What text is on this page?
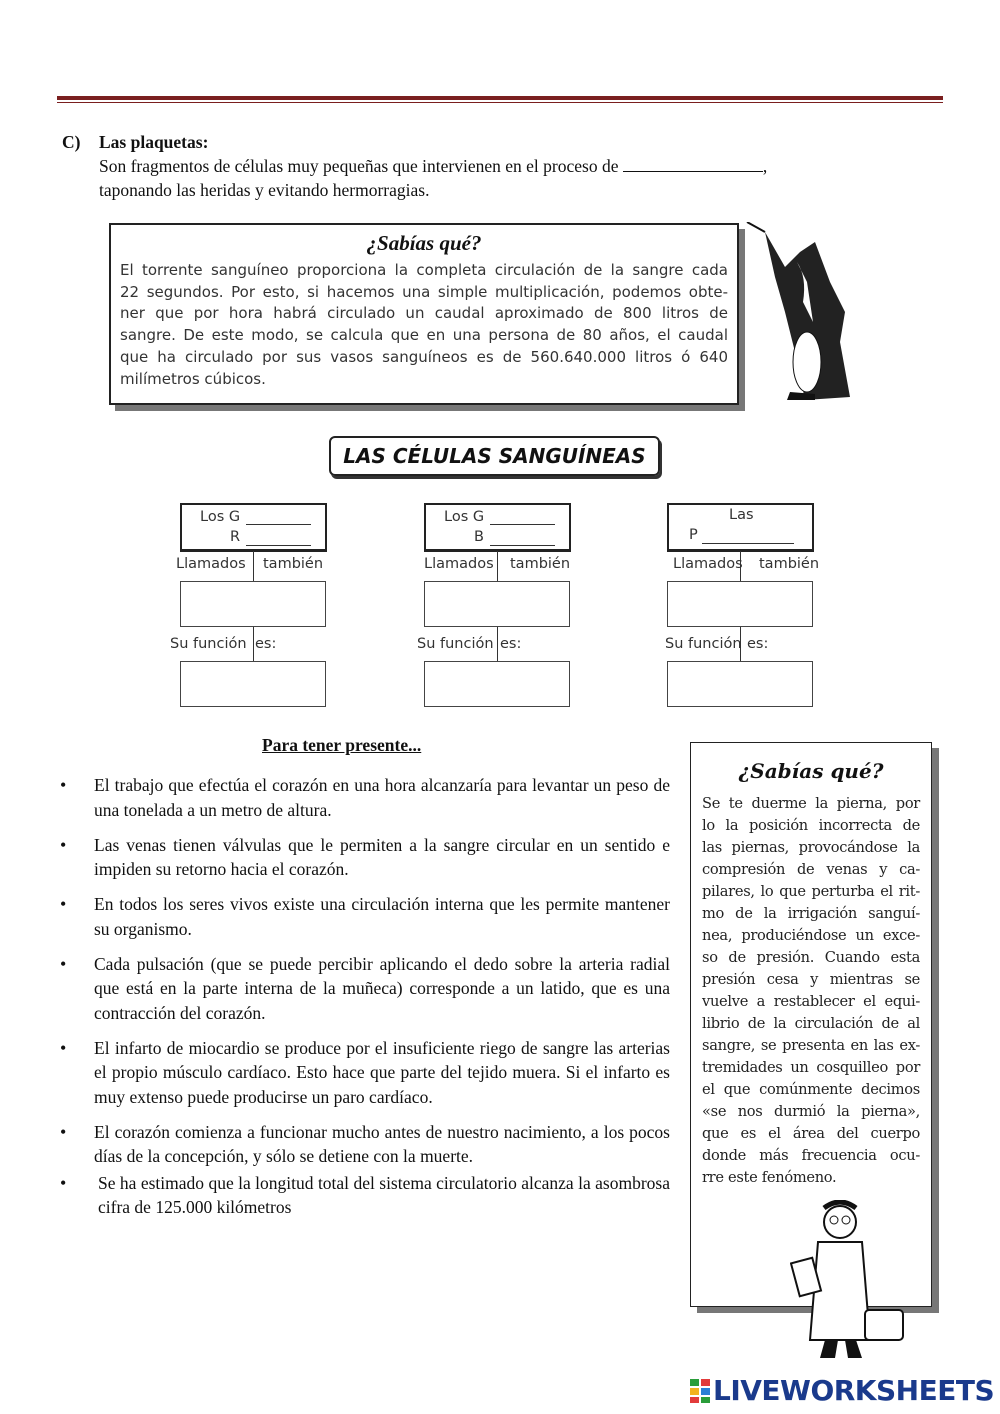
C) Las plaquetas:
Son fragmentos de células muy pequeñas que intervienen en el proceso de	,
taponando las heridas y evitando hermorragias.
¿Sabías qué?
El torrente sanguíneo proporciona la completa circulación de la sangre cada
22 segundos. Por esto, si hacemos una simple multiplicación, podemos obte-
ner que por hora habrá circulado un caudal aproximado de 800 litros de
sangre. De este modo, se calcula que en una persona de 80 años, el caudal
que ha circulado por sus vasos sanguíneos es de 560.640.000 litros ó 640
milímetros cúbicos.
LAS CÉLULAS SANGUÍNEAS
Los G
R
Llamados también
Su función es:
Los G
B
Llamados también
Su función es:
Las
P
Llamados también
Su función es:
Para tener presente...
• El trabajo que efectúa el corazón en una hora alcanzaría para levantar un peso de una tonelada a un metro de altura.
• Las venas tienen válvulas que le permiten a la sangre circular en un sentido e impiden su retorno hacia el corazón.
• En todos los seres vivos existe una circulación interna que les permite mantener su organismo.
• Cada pulsación (que se puede percibir aplicando el dedo sobre la arteria radial que está en la parte interna de la muñeca) corresponde a un latido, que es una contracción del corazón.
• El infarto de miocardio se produce por el insuficiente riego de sangre las arterias el propio músculo cardíaco. Esto hace que parte del tejido muera. Si el infarto es muy extenso puede producirse un paro cardíaco.
• El corazón comienza a funcionar mucho antes de nuestro nacimiento, a los pocos días de la concepción, y sólo se detiene con la muerte.
• Se ha estimado que la longitud total del sistema circulatorio alcanza la asombrosa cifra de 125.000 kilómetros
¿Sabías qué?
Se te duerme la pierna, por
lo la posición incorrecta de
las piernas, provocándose la
compresión de venas y ca-
pilares, lo que perturba el rit-
mo de la irrigación sanguí-
nea, produciéndose un exce-
so de presión. Cuando esta
presión cesa y mientras se
vuelve a restablecer el equi-
librio de la circulación de al
sangre, se presenta en las ex-
tremidades un cosquilleo por
el que comúnmente decimos
«se nos durmió la pierna»,
que es el área del cuerpo
donde más frecuencia ocu-
rre este fenómeno.
LIVEWORKSHEETS
